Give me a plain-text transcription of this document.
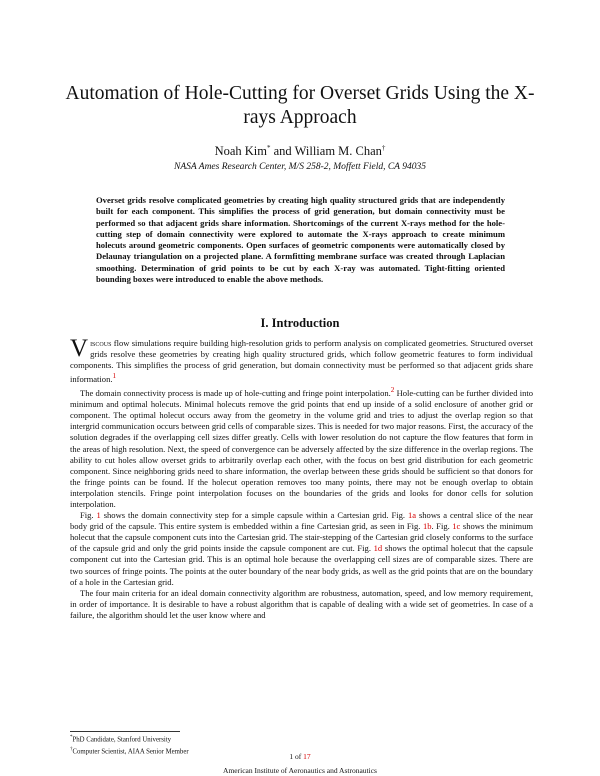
Automation of Hole-Cutting for Overset Grids Using the X-rays Approach
Noah Kim* and William M. Chan†
NASA Ames Research Center, M/S 258-2, Moffett Field, CA 94035

Overset grids resolve complicated geometries by creating high quality structured grids that are independently built for each component. This simplifies the process of grid generation, but domain connectivity must be performed so that adjacent grids share information. Shortcomings of the current X-rays method for the hole-cutting step of domain connectivity were explored to automate the X-rays approach to create minimum holecuts around geometric components. Open surfaces of geometric components were automatically closed by Delaunay triangulation on a projected plane. A formfitting membrane surface was created through Laplacian smoothing. Determination of grid points to be cut by each X-ray was automated. Tight-fitting oriented bounding boxes were introduced to enable the above methods.

I. Introduction

Viscous flow simulations require building high-resolution grids to perform analysis on complicated geometries. Structured overset grids resolve these geometries by creating high quality structured grids, which follow geometric features to form individual components. This simplifies the process of grid generation, but domain connectivity must be performed so that adjacent grids share information.$^1$

The domain connectivity process is made up of hole-cutting and fringe point interpolation.$^2$ Hole-cutting can be further divided into minimum and optimal holecuts. Minimal holecuts remove the grid points that end up inside of a solid enclosure of another grid or component. The optimal holecut occurs away from the geometry in the volume grid and tries to adjust the overlap region so that intergrid communication occurs between grid cells of comparable sizes. This is needed for two major reasons. First, the accuracy of the solution degrades if the overlapping cell sizes differ greatly. Cells with lower resolution do not capture the flow features that form in the areas of high resolution. Next, the speed of convergence can be adversely affected by the size difference in the overlap regions. The ability to cut holes allow overset grids to arbitrarily overlap each other, with the focus on best grid distribution for each geometric component. Since neighboring grids need to share information, the overlap between these grids should be sufficient so that donors for the fringe points can be found. If the holecut operation removes too many points, there may not be enough overlap to obtain interpolation stencils. Fringe point interpolation focuses on the boundaries of the grids and looks for donor cells for solution interpolation.

Fig. 1 shows the domain connectivity step for a simple capsule within a Cartesian grid. Fig. 1a shows a central slice of the near body grid of the capsule. This entire system is embedded within a fine Cartesian grid, as seen in Fig. 1b. Fig. 1c shows the minimum holecut that the capsule component cuts into the Cartesian grid. The stair-stepping of the Cartesian grid closely conforms to the surface of the capsule grid and only the grid points inside the capsule component are cut. Fig. 1d shows the optimal holecut that the capsule component cut into the Cartesian grid. This is an optimal hole because the overlapping cell sizes are of comparable sizes. There are two sources of fringe points. The points at the outer boundary of the near body grids, as well as the grid points that are on the boundary of a hole in the Cartesian grid.

The four main criteria for an ideal domain connectivity algorithm are robustness, automation, speed, and low memory requirement, in order of importance. It is desirable to have a robust algorithm that is capable of dealing with a wide set of geometries. In case of a failure, the algorithm should let the user know where and

*PhD Candidate, Stanford University
†Computer Scientist, AIAA Senior Member
1 of 17
American Institute of Aeronautics and Astronautics
